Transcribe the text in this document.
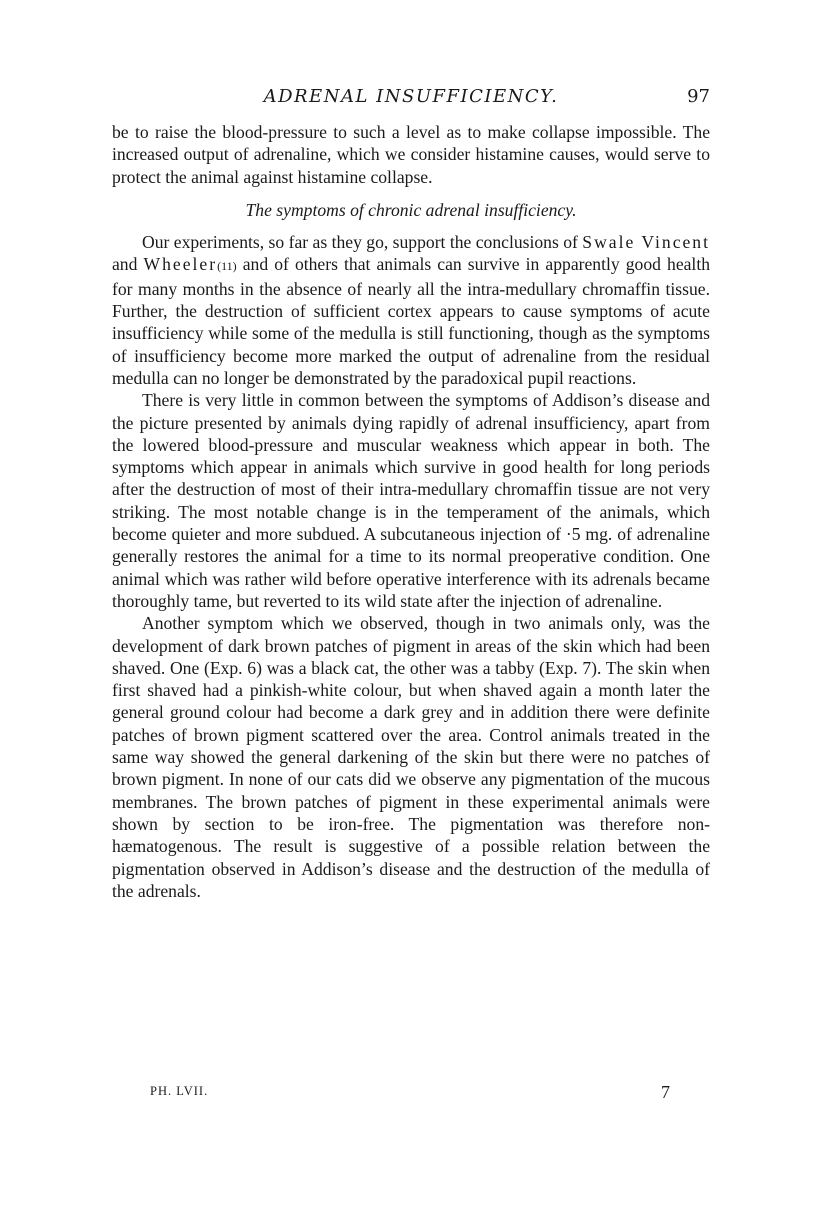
ADRENAL INSUFFICIENCY.	97

be to raise the blood-pressure to such a level as to make collapse impossible. The increased output of adrenaline, which we consider histamine causes, would serve to protect the animal against histamine collapse.

The symptoms of chronic adrenal insufficiency.

Our experiments, so far as they go, support the conclusions of Swale Vincent and Wheeler(11) and of others that animals can survive in apparently good health for many months in the absence of nearly all the intra-medullary chromaffin tissue. Further, the destruction of sufficient cortex appears to cause symptoms of acute insufficiency while some of the medulla is still functioning, though as the symptoms of insufficiency become more marked the output of adrenaline from the residual medulla can no longer be demonstrated by the paradoxical pupil reactions.

There is very little in common between the symptoms of Addison’s disease and the picture presented by animals dying rapidly of adrenal insufficiency, apart from the lowered blood-pressure and muscular weakness which appear in both. The symptoms which appear in animals which survive in good health for long periods after the destruction of most of their intra-medullary chromaffin tissue are not very striking. The most notable change is in the temperament of the animals, which become quieter and more subdued. A subcutaneous injection of ·5 mg. of adrenaline generally restores the animal for a time to its normal preoperative condition. One animal which was rather wild before operative interference with its adrenals became thoroughly tame, but reverted to its wild state after the injection of adrenaline.

Another symptom which we observed, though in two animals only, was the development of dark brown patches of pigment in areas of the skin which had been shaved. One (Exp. 6) was a black cat, the other was a tabby (Exp. 7). The skin when first shaved had a pinkish-white colour, but when shaved again a month later the general ground colour had become a dark grey and in addition there were definite patches of brown pigment scattered over the area. Control animals treated in the same way showed the general darkening of the skin but there were no patches of brown pigment. In none of our cats did we observe any pigmentation of the mucous membranes. The brown patches of pigment in these experimental animals were shown by section to be iron-free. The pigmentation was therefore non-hæmatogenous. The result is suggestive of a possible relation between the pigmentation observed in Addison’s disease and the destruction of the medulla of the adrenals.

PH. LVII.	7
